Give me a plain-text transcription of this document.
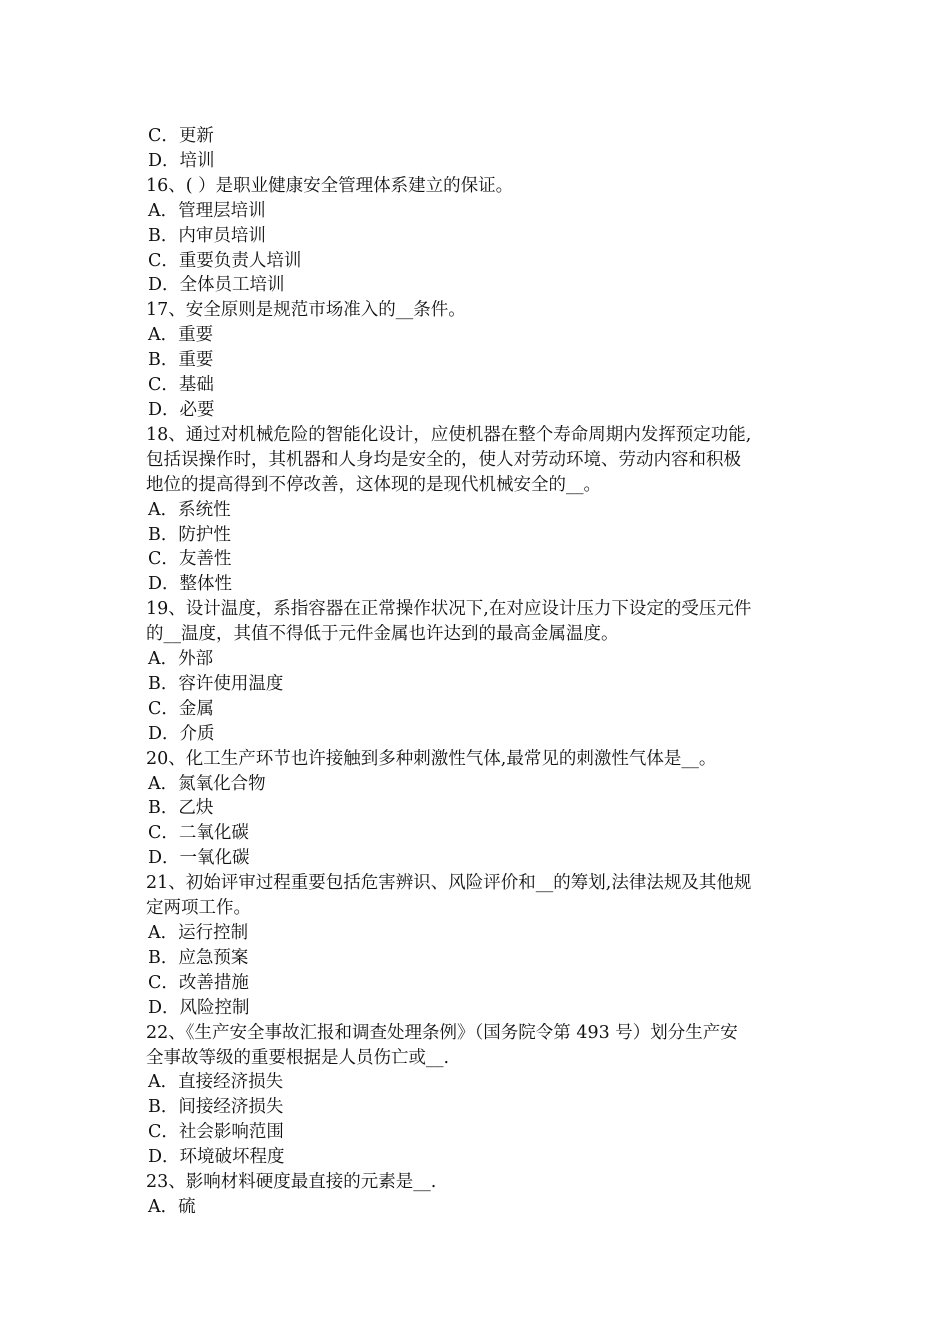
C．更新

D．培训

16、( ）是职业健康安全管理体系建立的保证。

A．管理层培训

B．内审员培训

C．重要负责人培训

D．全体员工培训

17、安全原则是规范市场准入的__条件。

A．重要

B．重要

C．基础

D．必要

18、通过对机械危险的智能化设计，应使机器在整个寿命周期内发挥预定功能,

包括误操作时，其机器和人身均是安全的，使人对劳动环境、劳动内容和积极

地位的提高得到不停改善，这体现的是现代机械安全的__。

A．系统性

B．防护性

C．友善性

D．整体性

19、设计温度，系指容器在正常操作状况下,在对应设计压力下设定的受压元件

的__温度，其值不得低于元件金属也许达到的最高金属温度。

A．外部

B．容许使用温度

C．金属

D．介质

20、化工生产环节也许接触到多种刺激性气体,最常见的刺激性气体是__。

A．氮氧化合物

B．乙炔

C．二氧化碳

D．一氧化碳

21、初始评审过程重要包括危害辨识、风险评价和__的筹划,法律法规及其他规

定两项工作。

A．运行控制

B．应急预案

C．改善措施

D．风险控制

22、《生产安全事故汇报和调查处理条例》（国务院令第 493 号）划分生产安

全事故等级的重要根据是人员伤亡或__.

A．直接经济损失

B．间接经济损失

C．社会影响范围

D．环境破坏程度

23、影响材料硬度最直接的元素是__.

A．硫
